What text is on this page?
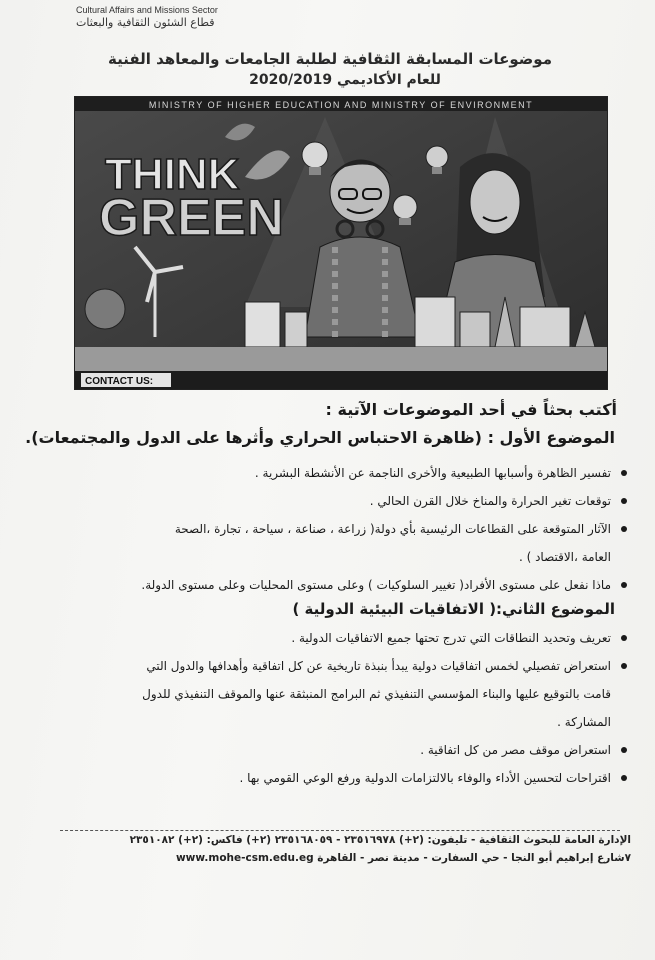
Cultural Affairs and Missions Sector
قطاع الشئون الثقافية والبعثات
موضوعات المسابقة الثقافية لطلبة الجامعات والمعاهد الفنية
للعام الأكاديمي 2020/2019
MINISTRY OF HIGHER EDUCATION AND MINISTRY OF ENVIRONMENT
THINK
GREEN
CONTACT US:
أكتب بحثاً في أحد الموضوعات الآتية :
الموضوع الأول : (ظاهرة الاحتباس الحراري وأثرها على الدول والمجتمعات).
تفسير الظاهرة وأسبابها الطبيعية والأخرى الناجمة عن الأنشطة البشرية .
توقعات تغير الحرارة والمناخ خلال القرن الحالي .
الآثار المتوقعة على القطاعات الرئيسية بأي دولة( زراعة ، صناعة ، سياحة ، تجارة ،الصحة
العامة ،الاقتصاد ) .
ماذا نفعل على مستوى الأفراد( تغيير السلوكيات ) وعلى مستوى المحليات وعلى مستوى الدولة.
الموضوع الثاني:( الاتفاقيات البيئية الدولية )
تعريف وتحديد النطاقات التي تدرج تحتها جميع الاتفاقيات الدولية .
استعراض تفصيلي لخمس اتفاقيات دولية يبدأ بنبذة تاريخية عن كل اتفاقية وأهدافها والدول التي
قامت بالتوقيع عليها والبناء المؤسسي التنفيذي ثم البرامج المنبثقة عنها والموقف التنفيذي للدول
المشاركة .
استعراض موقف مصر من كل اتفاقية .
اقتراحات لتحسين الأداء والوفاء بالالتزامات الدولية ورفع الوعي القومي بها .
الإدارة العامة للبحوث الثقافية - تليفون: (٢+) ٢٣٥١٦٩٧٨ - ٢٣٥١٦٨٠٥٩ (٢+) فاكس: (٢+) ٢٣٥١٠٨٢
٧شارع إبراهيم أبو النجا - حي السفارت - مدينة نصر - القاهرة www.mohe-csm.edu.eg
